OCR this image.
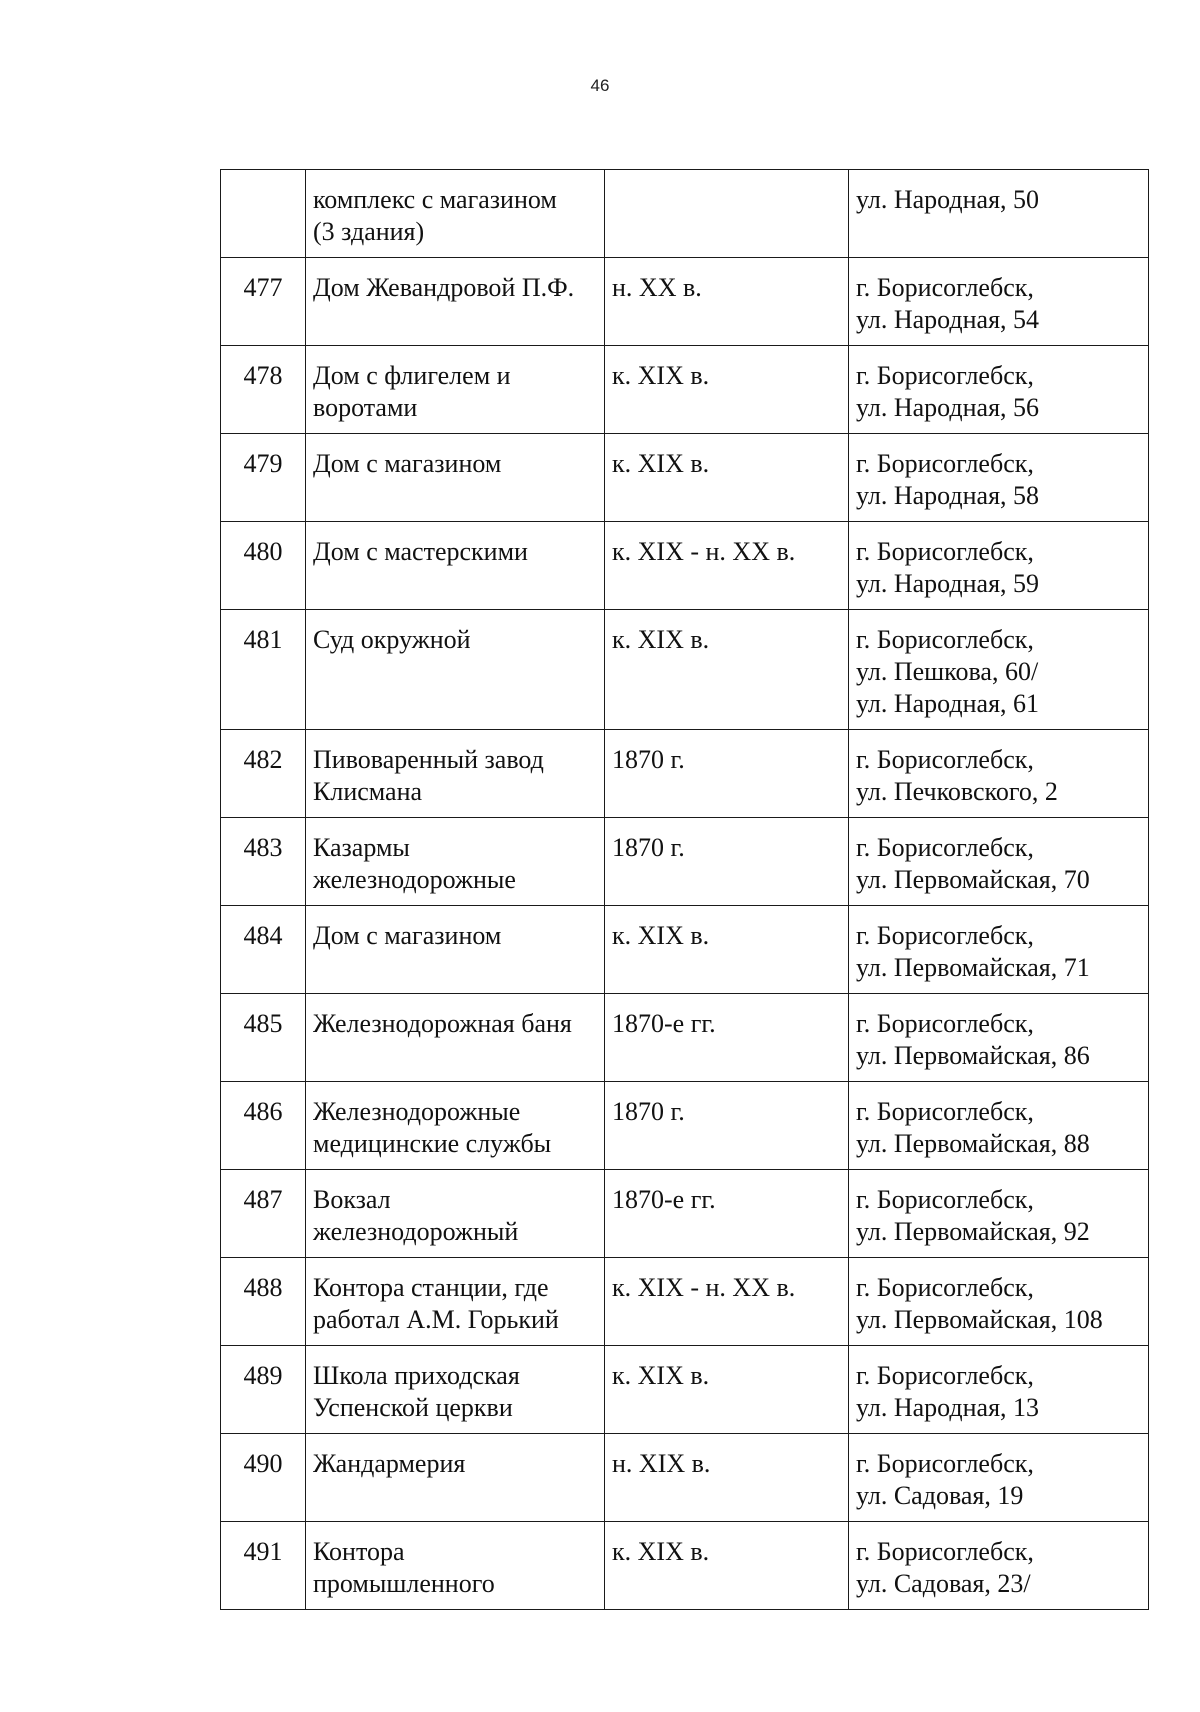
46

	комплекс с магазином
(3 здания)		ул. Народная, 50

477	Дом Жевандровой П.Ф.	н. XX в.	г. Борисоглебск,
ул. Народная, 54

478	Дом с флигелем и
воротами	к. XIX в.	г. Борисоглебск,
ул. Народная, 56

479	Дом с магазином	к. XIX в.	г. Борисоглебск,
ул. Народная, 58

480	Дом с мастерскими	к. XIX - н. XX в.	г. Борисоглебск,
ул. Народная, 59

481	Суд окружной	к. XIX в.	г. Борисоглебск,
ул. Пешкова, 60/
ул. Народная, 61

482	Пивоваренный завод
Клисмана	1870 г.	г. Борисоглебск,
ул. Печковского, 2

483	Казармы
железнодорожные	1870 г.	г. Борисоглебск,
ул. Первомайская, 70

484	Дом с магазином	к. XIX в.	г. Борисоглебск,
ул. Первомайская, 71

485	Железнодорожная баня	1870-е гг.	г. Борисоглебск,
ул. Первомайская, 86

486	Железнодорожные
медицинские службы	1870 г.	г. Борисоглебск,
ул. Первомайская, 88

487	Вокзал
железнодорожный	1870-е гг.	г. Борисоглебск,
ул. Первомайская, 92

488	Контора станции, где
работал А.М. Горький	к. XIX - н. XX в.	г. Борисоглебск,
ул. Первомайская, 108

489	Школа приходская
Успенской церкви	к. XIX в.	г. Борисоглебск,
ул. Народная, 13

490	Жандармерия	н. XIX в.	г. Борисоглебск,
ул. Садовая, 19

491	Контора
промышленного	к. XIX в.	г. Борисоглебск,
ул. Садовая, 23/
